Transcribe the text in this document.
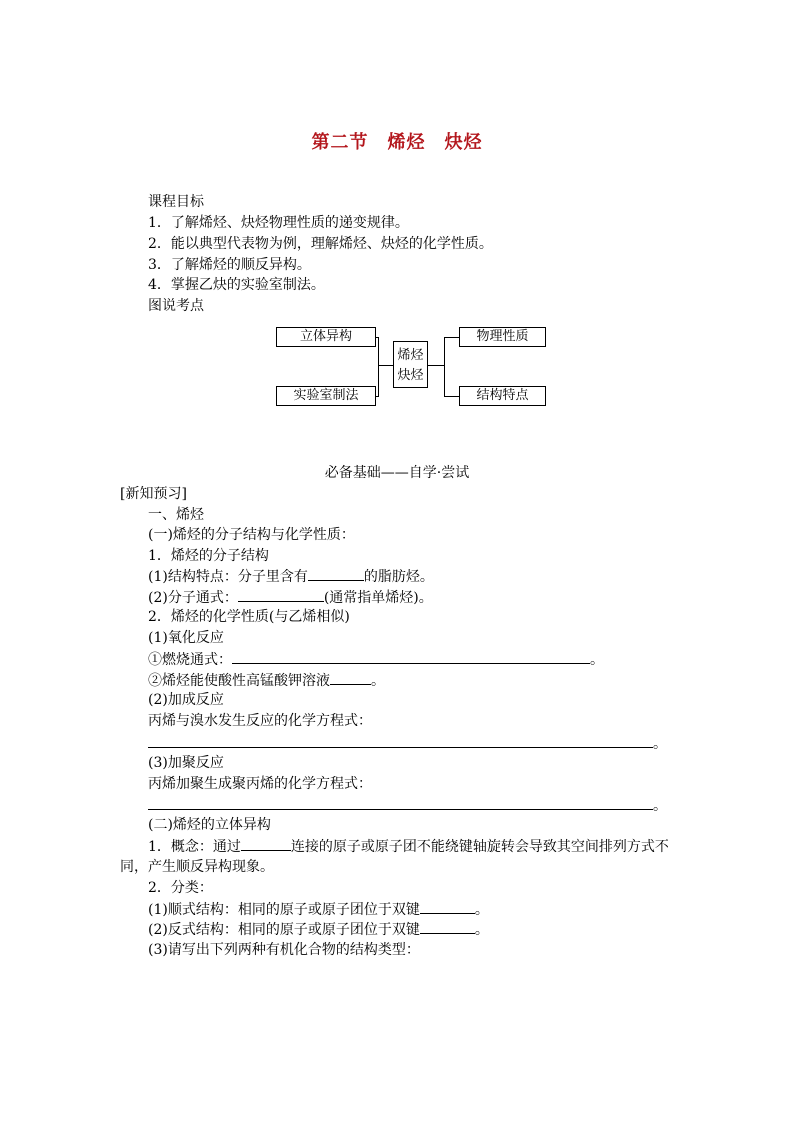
第二节　烯烃　炔烃
课程目标
1．了解烯烃、炔烃物理性质的递变规律。
2．能以典型代表物为例，理解烯烃、炔烃的化学性质。
3．了解烯烃的顺反异构。
4．掌握乙炔的实验室制法。
图说考点
立体异构
实验室制法
烯烃
炔烃
物理性质
结构特点
必备基础——自学·尝试
[新知预习]
一、烯烃
(一)烯烃的分子结构与化学性质：
1．烯烃的分子结构
(1)结构特点：分子里含有	的脂肪烃。
(2)分子通式：	(通常指单烯烃)。
2．烯烃的化学性质(与乙烯相似)
(1)氧化反应
①燃烧通式：	。
②烯烃能使酸性高锰酸钾溶液	。
(2)加成反应
丙烯与溴水发生反应的化学方程式：
。
(3)加聚反应
丙烯加聚生成聚丙烯的化学方程式：
。
(二)烯烃的立体异构
1．概念：通过	连接的原子或原子团不能绕键轴旋转会导致其空间排列方式不
同，产生顺反异构现象。
2．分类：
(1)顺式结构：相同的原子或原子团位于双键	。
(2)反式结构：相同的原子或原子团位于双键	。
(3)请写出下列两种有机化合物的结构类型：
